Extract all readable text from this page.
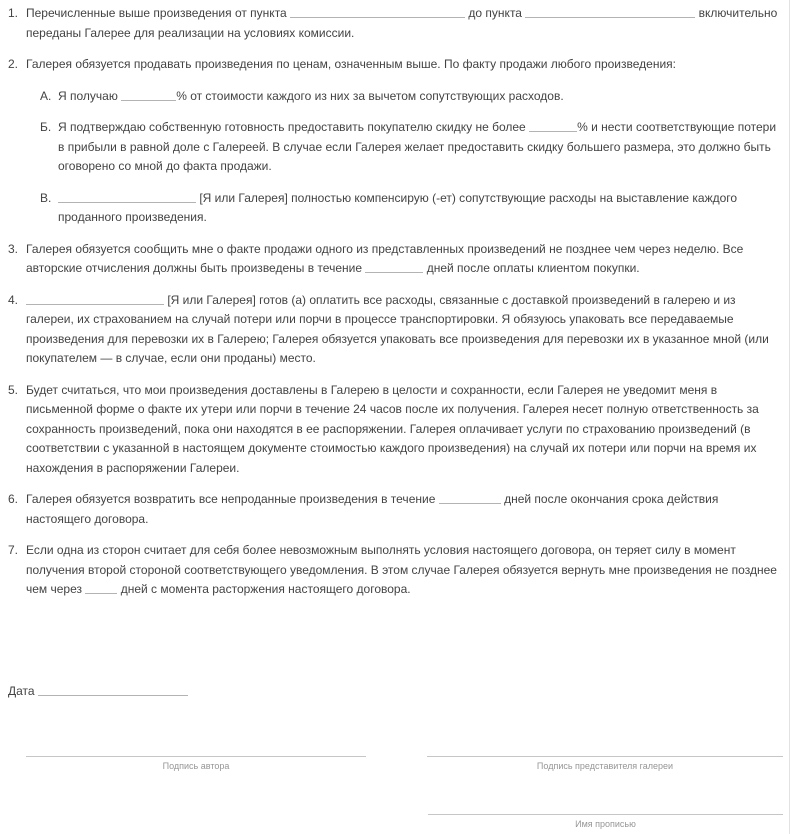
1. Перечисленные выше произведения от пункта	до пункта	включительно переданы Галерее для реализации на условиях комиссии.

2. Галерея обязуется продавать произведения по ценам, означенным выше. По факту продажи любого произведения:

А. Я получаю	% от стоимости каждого из них за вычетом сопутствующих расходов.

Б. Я подтверждаю собственную готовность предоставить покупателю скидку не более	% и нести соответствующие потери в прибыли в равной доле с Галереей. В случае если Галерея желает предоставить скидку большего размера, это должно быть оговорено со мной до факта продажи.

В.	[Я или Галерея] полностью компенсирую (-ет) сопутствующие расходы на выставление каждого проданного произведения.

3. Галерея обязуется сообщить мне о факте продажи одного из представленных произведений не позднее чем через неделю. Все авторские отчисления должны быть произведены в течение	дней после оплаты клиентом покупки.

4.	[Я или Галерея] готов (а) оплатить все расходы, связанные с доставкой произведений в галерею и из галереи, их страхованием на случай потери или порчи в процессе транспортировки. Я обязуюсь упаковать все передаваемые произведения для перевозки их в Галерею; Галерея обязуется упаковать все произведения для перевозки их в указанное мной (или покупателем — в случае, если они проданы) место.

5. Будет считаться, что мои произведения доставлены в Галерею в целости и сохранности, если Галерея не уведомит меня в письменной форме о факте их утери или порчи в течение 24 часов после их получения. Галерея несет полную ответственность за сохранность произведений, пока они находятся в ее распоряжении. Галерея оплачивает услуги по страхованию произведений (в соответствии с указанной в настоящем документе стоимостью каждого произведения) на случай их потери или порчи на время их нахождения в распоряжении Галереи.

6. Галерея обязуется возвратить все непроданные произведения в течение	дней после окончания срока действия настоящего договора.

7. Если одна из сторон считает для себя более невозможным выполнять условия настоящего договора, он теряет силу в момент получения второй стороной соответствующего уведомления. В этом случае Галерея обязуется вернуть мне произведения не позднее чем через	дней с момента расторжения настоящего договора.

Дата
Подпись автора	Подпись представителя галереи
Имя прописью
